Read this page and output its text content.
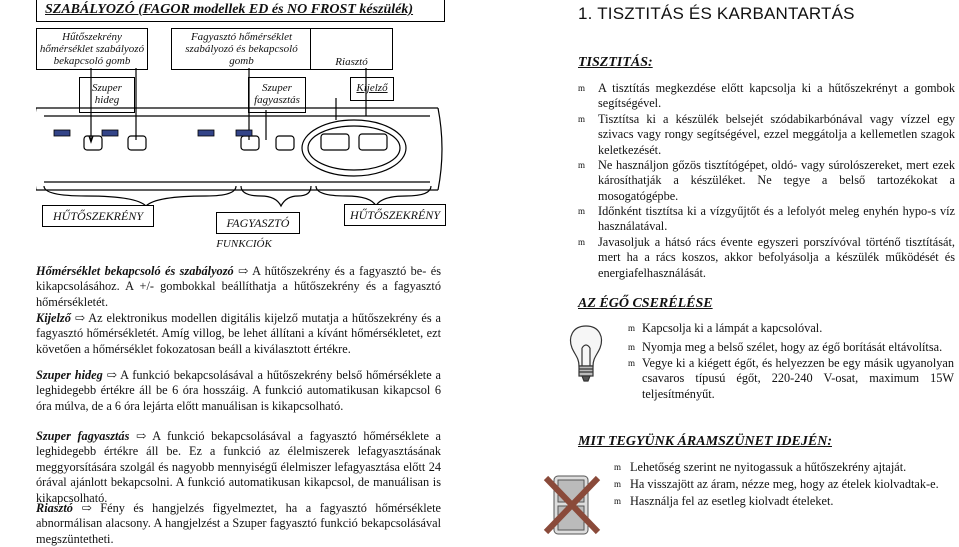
SZABÁLYOZÓ (FAGOR modellek ED és NO FROST készülék)
Hűtőszekrény hőmérséklet szabályozó bekapcsoló gomb
Fagyasztó hőmérséklet szabályozó és bekapcsoló gomb	Riasztó
Szuper hideg
Szuper fagyasztás
Kijelző
HŰTŐSZEKRÉNY	FAGYASZTÓ
HŰTŐSZEKRÉNY
FUNKCIÓK
Hőmérséklet bekapcsoló és szabályozó ⇨ A hűtőszekrény és a fagyasztó be- és kikapcsolásához. A +/- gombokkal beállíthatja a hűtőszekrény és a fagyasztó hőmérsékletét.
Kijelző ⇨ Az elektronikus modellen digitális kijelző mutatja a hűtőszekrény és a fagyasztó hőmérsékletét. Amíg villog, be lehet állítani a kívánt hőmérsékletet, ezt követően a hőmérséklet fokozatosan beáll a kiválasztott értékre.
Szuper hideg ⇨ A funkció bekapcsolásával a hűtőszekrény belső hőmérséklete a leghidegebb értékre áll be 6 óra hosszáig. A funkció automatikusan kikapcsol 6 óra múlva, de a 6 óra lejárta előtt manuálisan is kikapcsolható.
Szuper fagyasztás ⇨ A funkció bekapcsolásával a fagyasztó hőmérséklete a leghidegebb értékre áll be. Ez a funkció az élelmiszerek lefagyasztásának meggyorsítására szolgál és nagyobb mennyiségű élelmiszer lefagyasztása előtt 24 órával ajánlott bekapcsolni. A funkció automatikusan kikapcsol, de manuálisan is kikapcsolható.
Riasztó ⇨ Fény és hangjelzés figyelmeztet, ha a fagyasztó hőmérséklete abnormálisan alacsony. A hangjelzést a Szuper fagyasztó funkció bekapcsolásával megszüntetheti.
1. TISZTITÁS ÉS KARBANTARTÁS
TISZTITÁS:
m A tisztítás megkezdése előtt kapcsolja ki a hűtőszekrényt a gombok segítségével.
m Tisztítsa ki a készülék belsejét szódabikarbónával vagy vízzel egy szivacs vagy rongy segítségével, ezzel meggátolja a kellemetlen szagok keletkezését.
m Ne használjon gőzös tisztítógépet, oldó- vagy súrolószereket, mert ezek károsíthatják a készüléket. Ne tegye a belső tartozékokat a mosogatógépbe.
m Időnként tisztítsa ki a vízgyűjtőt és a lefolyót meleg enyhén hypo-s víz használatával.
m Javasoljuk a hátsó rács évente egyszeri porszívóval történő tisztítását, mert ha a rács koszos, akkor befolyásolja a készülék működését és energiafelhasználását.
AZ ÉGŐ CSERÉLÉSE
m Kapcsolja ki a lámpát a kapcsolóval.
m Nyomja meg a belső szélet, hogy az égő borítását eltávolítsa.
m Vegye ki a kiégett égőt, és helyezzen be egy másik ugyanolyan csavaros típusú égőt, 220-240 V-osat, maximum 15W teljesítményűt.
MIT TEGYÜNK ÁRAMSZÜNET IDEJÉN:
m Lehetőség szerint ne nyitogassuk a hűtőszekrény ajtaját.
m Ha visszajött az áram, nézze meg, hogy az ételek kiolvadtak-e.
m Használja fel az esetleg kiolvadt ételeket.
